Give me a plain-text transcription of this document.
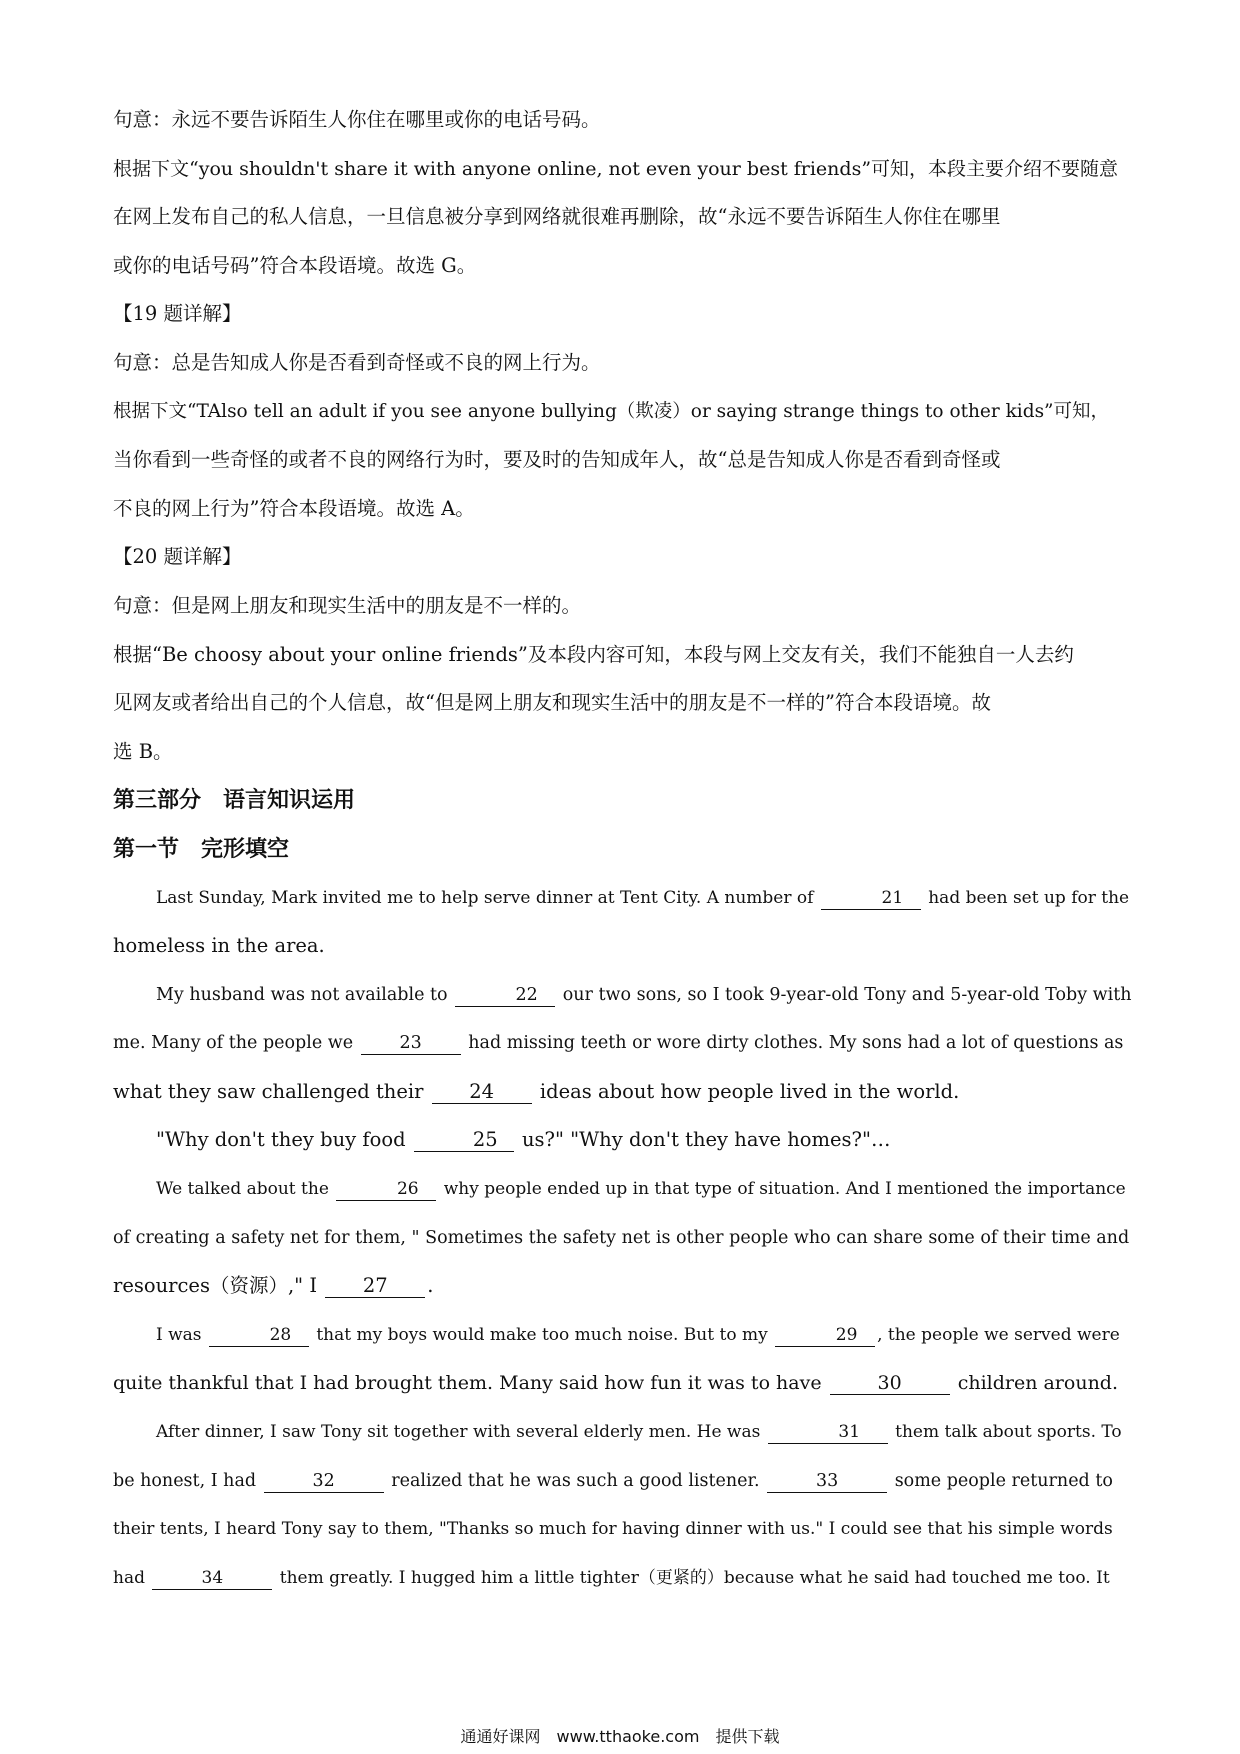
句意：永远不要告诉陌生人你住在哪里或你的电话号码。

根据下文“you shouldn't share it with anyone online, not even your best friends”可知，本段主要介绍不要随意

在网上发布自己的私人信息，一旦信息被分享到网络就很难再删除，故“永远不要告诉陌生人你住在哪里

或你的电话号码”符合本段语境。故选 G。

【19 题详解】

句意：总是告知成人你是否看到奇怪或不良的网上行为。

根据下文“TAlso tell an adult if you see anyone bullying（欺凌）or saying strange things to other kids”可知，

当你看到一些奇怪的或者不良的网络行为时，要及时的告知成年人，故“总是告知成人你是否看到奇怪或

不良的网上行为”符合本段语境。故选 A。

【20 题详解】

句意：但是网上朋友和现实生活中的朋友是不一样的。

根据“Be choosy about your online friends”及本段内容可知，本段与网上交友有关，我们不能独自一人去约

见网友或者给出自己的个人信息，故“但是网上朋友和现实生活中的朋友是不一样的”符合本段语境。故

选 B。

第三部分　语言知识运用

第一节　完形填空

Last Sunday, Mark invited me to help serve dinner at Tent City. A number of	21 had been set up for the

homeless in the area.

My husband was not available to	22 our two sons, so I took 9-year-old Tony and 5-year-old Toby with

me. Many of the people we	23	had missing teeth or wore dirty clothes. My sons had a lot of questions as

what they saw challenged their 24 ideas about how people lived in the world.

"Why don't they buy food	25 us?" "Why don't they have homes?"…

We talked about the	26 why people ended up in that type of situation. And I mentioned the importance

of creating a safety net for them, " Sometimes the safety net is other people who can share some of their time and

resources（资源）," I 27 .

I was	28 that my boys would make too much noise. But to my	29 , the people we served were

quite thankful that I had brought them. Many said how fun it was to have	30	children around.

After dinner, I saw Tony sit together with several elderly men. He was	31 them talk about sports. To

be honest, I had	32	realized that he was such a good listener.	33	some people returned to

their tents, I heard Tony say to them, "Thanks so much for having dinner with us." I could see that his simple words

had	34	them greatly. I hugged him a little tighter（更紧的）because what he said had touched me too. It

通通好课网　www.tthaoke.com　提供下载
